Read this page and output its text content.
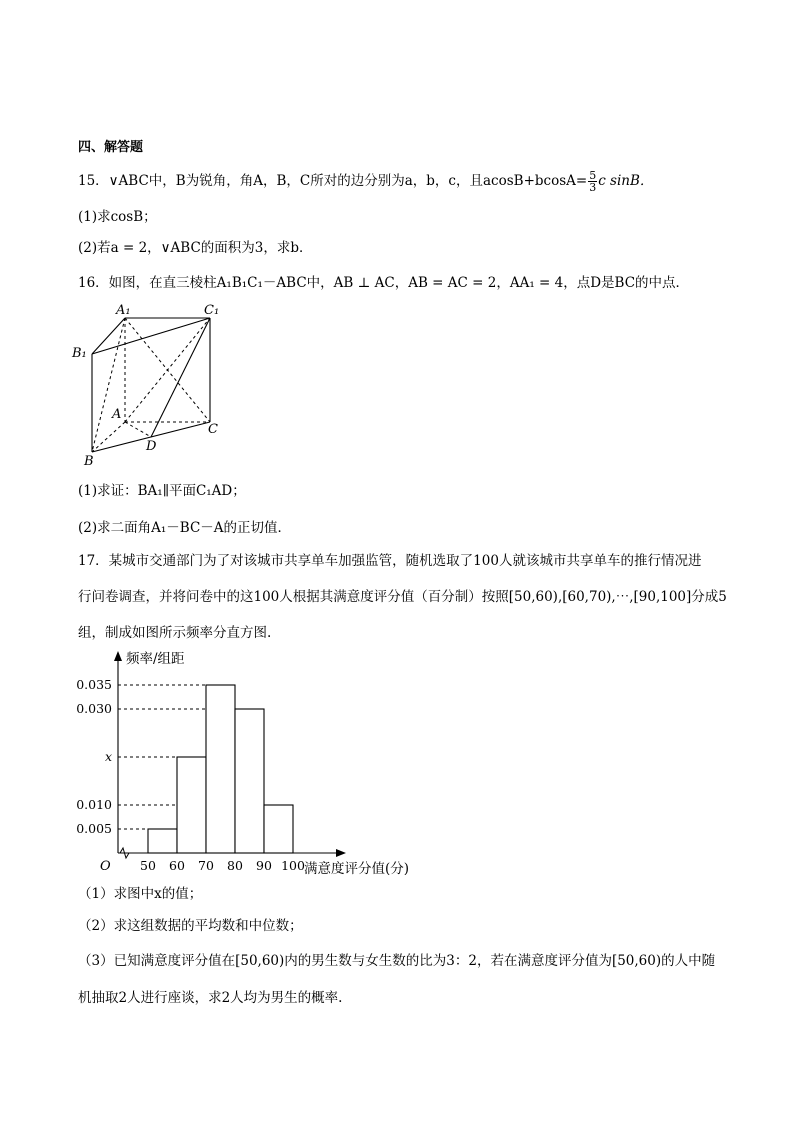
四、解答题
15．∨ABC中，B为锐角，角A，B，C所对的边分别为a，b，c，且$acosB+bcosA= \frac{5}{3}$ c sinB．
(1)求cosB；
(2)若a = 2，∨ABC的面积为3，求b．
16．如图，在直三棱柱A₁B₁C₁－ABC中，AB ⊥ AC，AB = AC = 2，AA₁ = 4，点D是BC的中点．
A₁	C₁
B₁
A
C
B
D
(1)求证：BA₁∥平面C₁AD；
(2)求二面角A₁－BC－A的正切值．
17．某城市交通部门为了对该城市共享单车加强监管，随机选取了100人就该城市共享单车的推行情况进
行问卷调查，并将问卷中的这100人根据其满意度评分值（百分制）按照[50,60),[60,70),⋯,[90,100]分成5
组，制成如图所示频率分直方图.
0.035
0.030
x
0.010
0.005
50 60 70 80 90 100
O
频率/组距
满意度评分值(分)
（1）求图中x的值；
（2）求这组数据的平均数和中位数；
（3）已知满意度评分值在[50,60)内的男生数与女生数的比为3：2，若在满意度评分值为[50,60)的人中随
机抽取2人进行座谈，求2人均为男生的概率.
